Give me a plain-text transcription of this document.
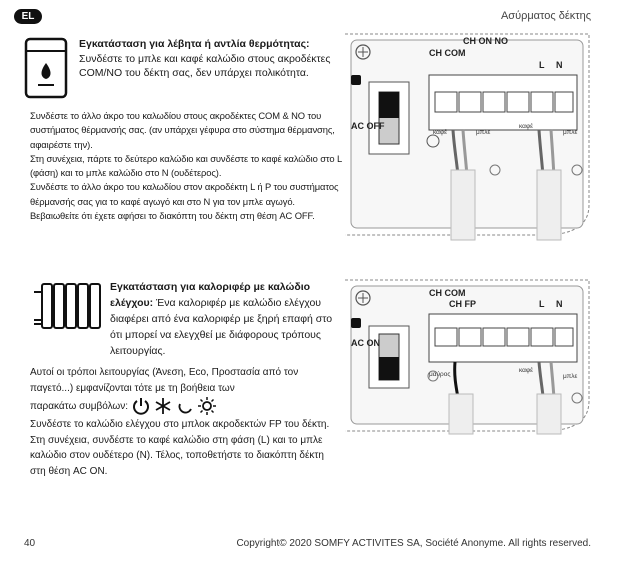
EL	Ασύρματος δέκτης
Εγκατάσταση για λέβητα ή αντλία θερμότητας: Συνδέστε το μπλε και καφέ καλώδιο στους ακροδέκτες COM/NO του δέκτη σας, δεν υπάρχει πολικότητα.
Συνδέστε το άλλο άκρο του καλωδίου στους ακροδέκτες COM & NO του συστήματος θέρμανσής σας. (αν υπάρχει γέφυρα στο σύστημα θέρμανσης, αφαιρέστε την).
Στη συνέχεια, πάρτε το δεύτερο καλώδιο και συνδέστε το καφέ καλώδιο στο L (φάση) και το μπλε καλώδιο στο N (ουδέτερος).
Συνδέστε το άλλο άκρο του καλωδίου στον ακροδέκτη L ή P του συστήματος θέρμανσής σας για το καφέ αγωγό και στο N για τον μπλε αγωγό. Βεβαιωθείτε ότι έχετε αφήσει το διακόπτη του δέκτη στη θέση AC OFF.
CH COM
CH ON NO
L N
AC OFF
καφέ	μπλε
καφέ
μπλε
Εγκατάσταση για καλοριφέρ με καλώδιο ελέγχου: Ένα καλοριφέρ με καλώδιο ελέγχου διαφέρει από ένα καλοριφέρ με ξηρή επαφή στο ότι μπορεί να ελεγχθεί με διάφορους τρόπους λειτουργίας.
Αυτοί οι τρόποι λειτουργίας (Άνεση, Eco, Προστασία από τον παγετό...) εμφανίζονται τότε με τη βοήθεια των
παρακάτω συμβόλων:
Συνδέστε το καλώδιο ελέγχου στο μπλοκ ακροδεκτών FP του δέκτη. Στη συνέχεια, συνδέστε το καφέ καλώδιο στη φάση (L) και το μπλε καλώδιο στον ουδέτερο (N). Τέλος, τοποθετήστε το διακόπτη δέκτη στη θέση AC ON.
CH COM
CH FP	L N
AC ON
μαύρος
καφέ
μπλε
40	Copyright© 2020 SOMFY ACTIVITES SA, Société Anonyme. All rights reserved.
